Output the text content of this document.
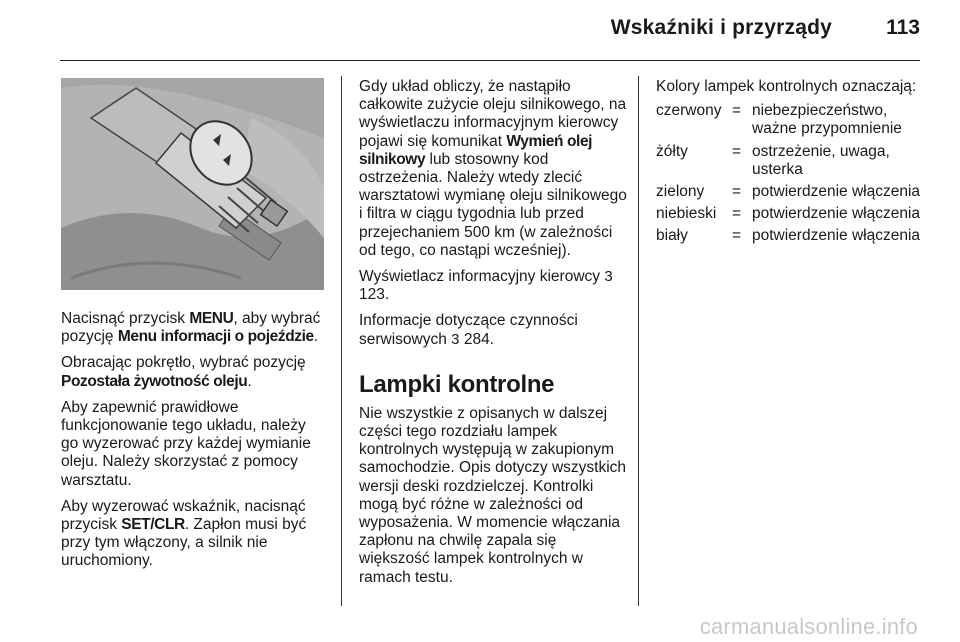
Wskaźniki i przyrządy	113

Nacisnąć przycisk MENU, aby wybrać pozycję Menu informacji o pojeździe.

Obracając pokrętło, wybrać pozycję Pozostała żywotność oleju.

Aby zapewnić prawidłowe funkcjonowanie tego układu, należy go wyzerować przy każdej wymianie oleju. Należy skorzystać z pomocy warsztatu.

Aby wyzerować wskaźnik, nacisnąć przycisk SET/CLR. Zapłon musi być przy tym włączony, a silnik nie uruchomiony.

Gdy układ obliczy, że nastąpiło całkowite zużycie oleju silnikowego, na wyświetlaczu informacyjnym kierowcy pojawi się komunikat Wymień olej silnikowy lub stosowny kod ostrzeżenia. Należy wtedy zlecić warsztatowi wymianę oleju silnikowego i filtra w ciągu tygodnia lub przed przejechaniem 500 km (w zależności od tego, co nastąpi wcześniej).

Wyświetlacz informacyjny kierowcy 3 123.

Informacje dotyczące czynności serwisowych 3 284.

Lampki kontrolne

Nie wszystkie z opisanych w dalszej części tego rozdziału lampek kontrolnych występują w zakupionym samochodzie. Opis dotyczy wszystkich wersji deski rozdzielczej. Kontrolki mogą być różne w zależności od wyposażenia. W momencie włączania zapłonu na chwilę zapala się większość lampek kontrolnych w ramach testu.

Kolory lampek kontrolnych oznaczają:

czerwony	=	niebezpieczeństwo, ważne przypomnienie
żółty	=	ostrzeżenie, uwaga, usterka
zielony	=	potwierdzenie włączenia
niebieski	=	potwierdzenie włączenia
biały	=	potwierdzenie włączenia
carmanualsonline.info
